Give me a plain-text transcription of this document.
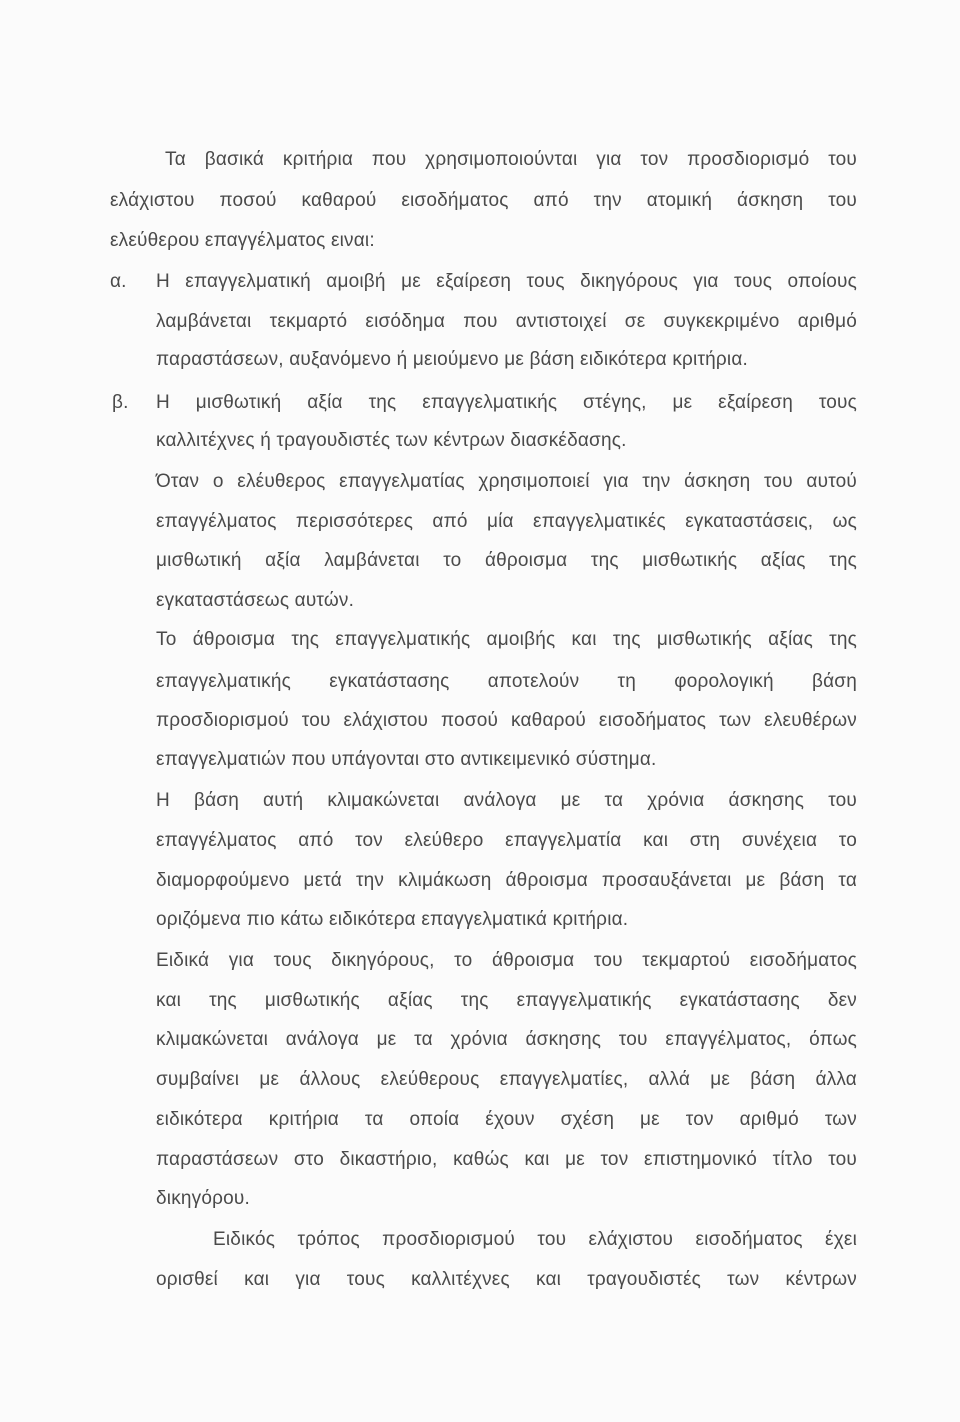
Τα βασικά κριτήρια που χρησιμοποιούνται για τον προσδιορισμό του
ελάχιστου ποσού καθαρού εισοδήματος από την ατομική άσκηση του
ελεύθερου επαγγέλματος ειναι:
α. Η επαγγελματική αμοιβή με εξαίρεση τους δικηγόρους για τους οποίους
λαμβάνεται τεκμαρτό εισόδημα που αντιστοιχεί σε συγκεκριμένο αριθμό
παραστάσεων, αυξανόμενο ή μειούμενο με βάση ειδικότερα κριτήρια.
β. Η μισθωτική αξία της επαγγελματικής στέγης, με εξαίρεση τους
καλλιτέχνες ή τραγουδιστές των κέντρων διασκέδασης.
Όταν ο ελέυθερος επαγγελματίας χρησιμοποιεί για την άσκηση του αυτού
επαγγέλματος περισσότερες από μία επαγγελματικές εγκαταστάσεις, ως
μισθωτική αξία λαμβάνεται το άθροισμα της μισθωτικής αξίας της
εγκαταστάσεως αυτών.
Το άθροισμα της επαγγελματικής αμοιβής και της μισθωτικής αξίας της
επαγγελματικής εγκατάστασης αποτελούν τη φορολογική βάση
προσδιορισμού του ελάχιστου ποσού καθαρού εισοδήματος των ελευθέρων
επαγγελματιών που υπάγονται στο αντικειμενικό σύστημα.
Η βάση αυτή κλιμακώνεται ανάλογα με τα χρόνια άσκησης του
επαγγέλματος από τον ελεύθερο επαγγελματία και στη συνέχεια το
διαμορφούμενο μετά την κλιμάκωση άθροισμα προσαυξάνεται με βάση τα
οριζόμενα πιο κάτω ειδικότερα επαγγελματικά κριτήρια.
Ειδικά για τους δικηγόρους, το άθροισμα του τεκμαρτού εισοδήματος
και της μισθωτικής αξίας της επαγγελματικής εγκατάστασης δεν
κλιμακώνεται ανάλογα με τα χρόνια άσκησης του επαγγέλματος, όπως
συμβαίνει με άλλους ελεύθερους επαγγελματίες, αλλά με βάση άλλα
ειδικότερα κριτήρια τα οποία έχουν σχέση με τον αριθμό των
παραστάσεων στο δικαστήριο, καθώς και με τον επιστημονικό τίτλο του
δικηγόρου.
Ειδικός τρόπος προσδιορισμού του ελάχιστου εισοδήματος έχει
ορισθεί και για τους καλλιτέχνες και τραγουδιστές των κέντρων
